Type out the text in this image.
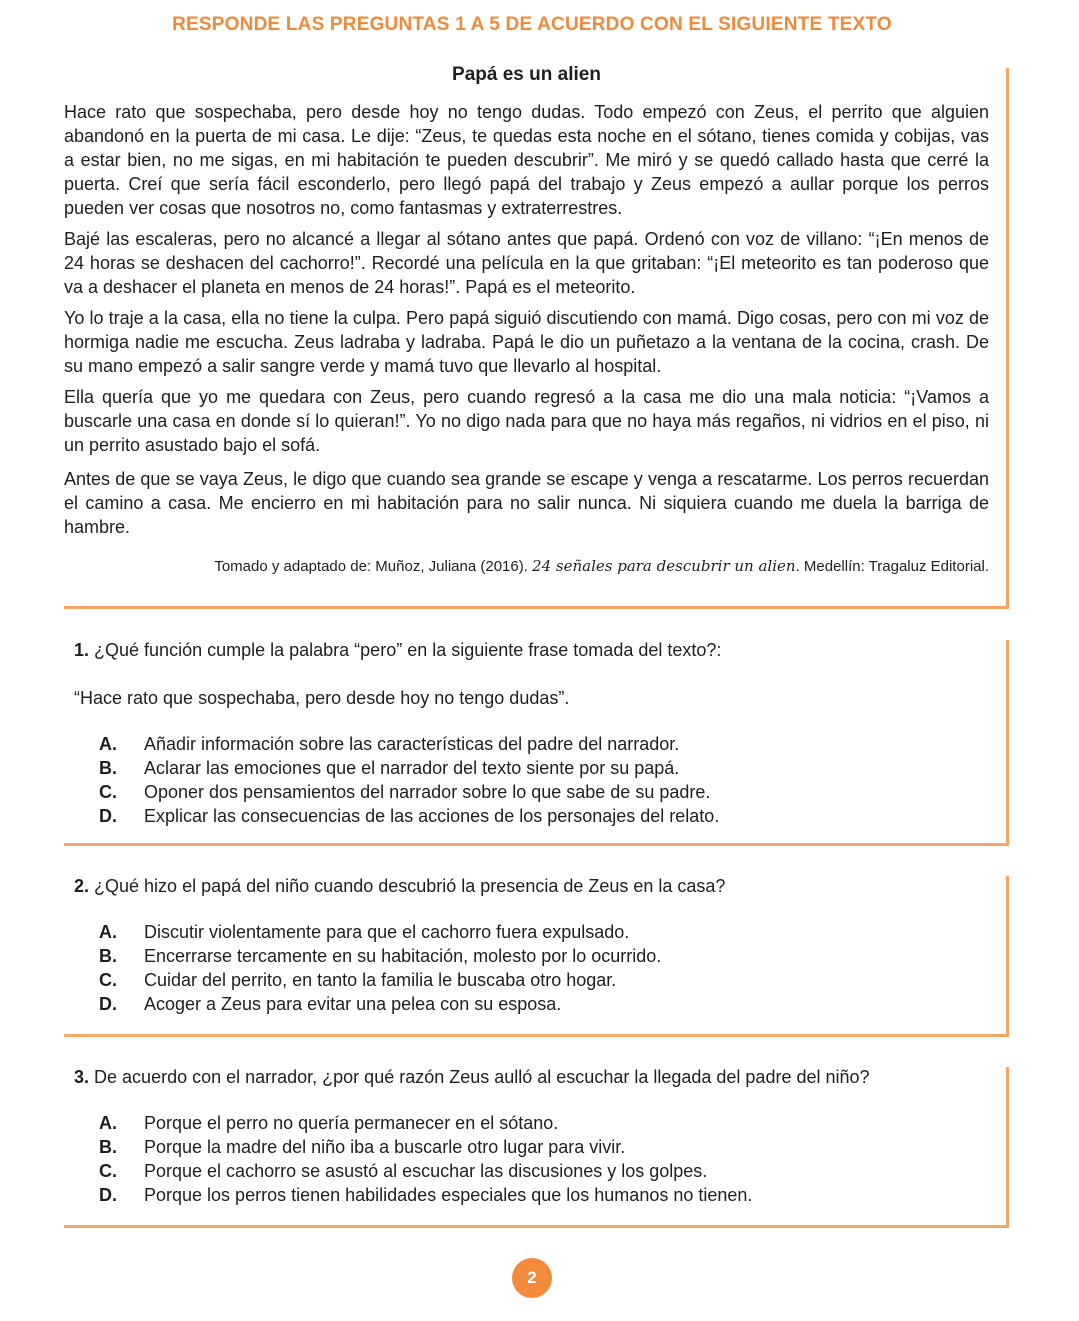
RESPONDE LAS PREGUNTAS 1 A 5 DE ACUERDO CON EL SIGUIENTE TEXTO
Papá es un alien

Hace rato que sospechaba, pero desde hoy no tengo dudas. Todo empezó con Zeus, el perrito que alguien abandonó en la puerta de mi casa. Le dije: “Zeus, te quedas esta noche en el sótano, tienes comida y cobijas, vas a estar bien, no me sigas, en mi habitación te pueden descubrir”. Me miró y se quedó callado hasta que cerré la puerta. Creí que sería fácil esconderlo, pero llegó papá del trabajo y Zeus empezó a aullar porque los perros pueden ver cosas que nosotros no, como fantasmas y extraterrestres.

Bajé las escaleras, pero no alcancé a llegar al sótano antes que papá. Ordenó con voz de villano: “¡En menos de 24 horas se deshacen del cachorro!”. Recordé una película en la que gritaban: “¡El meteorito es tan poderoso que va a deshacer el planeta en menos de 24 horas!”. Papá es el meteorito.

Yo lo traje a la casa, ella no tiene la culpa. Pero papá siguió discutiendo con mamá. Digo cosas, pero con mi voz de hormiga nadie me escucha. Zeus ladraba y ladraba. Papá le dio un puñetazo a la ventana de la cocina, crash. De su mano empezó a salir sangre verde y mamá tuvo que llevarlo al hospital.

Ella quería que yo me quedara con Zeus, pero cuando regresó a la casa me dio una mala noticia: “¡Vamos a buscarle una casa en donde sí lo quieran!”. Yo no digo nada para que no haya más regaños, ni vidrios en el piso, ni un perrito asustado bajo el sofá.

Antes de que se vaya Zeus, le digo que cuando sea grande se escape y venga a rescatarme. Los perros recuerdan el camino a casa. Me encierro en mi habitación para no salir nunca. Ni siquiera cuando me duela la barriga de hambre.

Tomado y adaptado de: Muñoz, Juliana (2016). 24 señales para descubrir un alien. Medellín: Tragaluz Editorial.
1. ¿Qué función cumple la palabra “pero” en la siguiente frase tomada del texto?:
“Hace rato que sospechaba, pero desde hoy no tengo dudas”.
A.	Añadir información sobre las características del padre del narrador.
B.	Aclarar las emociones que el narrador del texto siente por su papá.
C.	Oponer dos pensamientos del narrador sobre lo que sabe de su padre.
D.	Explicar las consecuencias de las acciones de los personajes del relato.
2. ¿Qué hizo el papá del niño cuando descubrió la presencia de Zeus en la casa?
A.	Discutir violentamente para que el cachorro fuera expulsado.
B.	Encerrarse tercamente en su habitación, molesto por lo ocurrido.
C.	Cuidar del perrito, en tanto la familia le buscaba otro hogar.
D.	Acoger a Zeus para evitar una pelea con su esposa.
3. De acuerdo con el narrador, ¿por qué razón Zeus aulló al escuchar la llegada del padre del niño?
A.	Porque el perro no quería permanecer en el sótano.
B.	Porque la madre del niño iba a buscarle otro lugar para vivir.
C.	Porque el cachorro se asustó al escuchar las discusiones y los golpes.
D.	Porque los perros tienen habilidades especiales que los humanos no tienen.
2
